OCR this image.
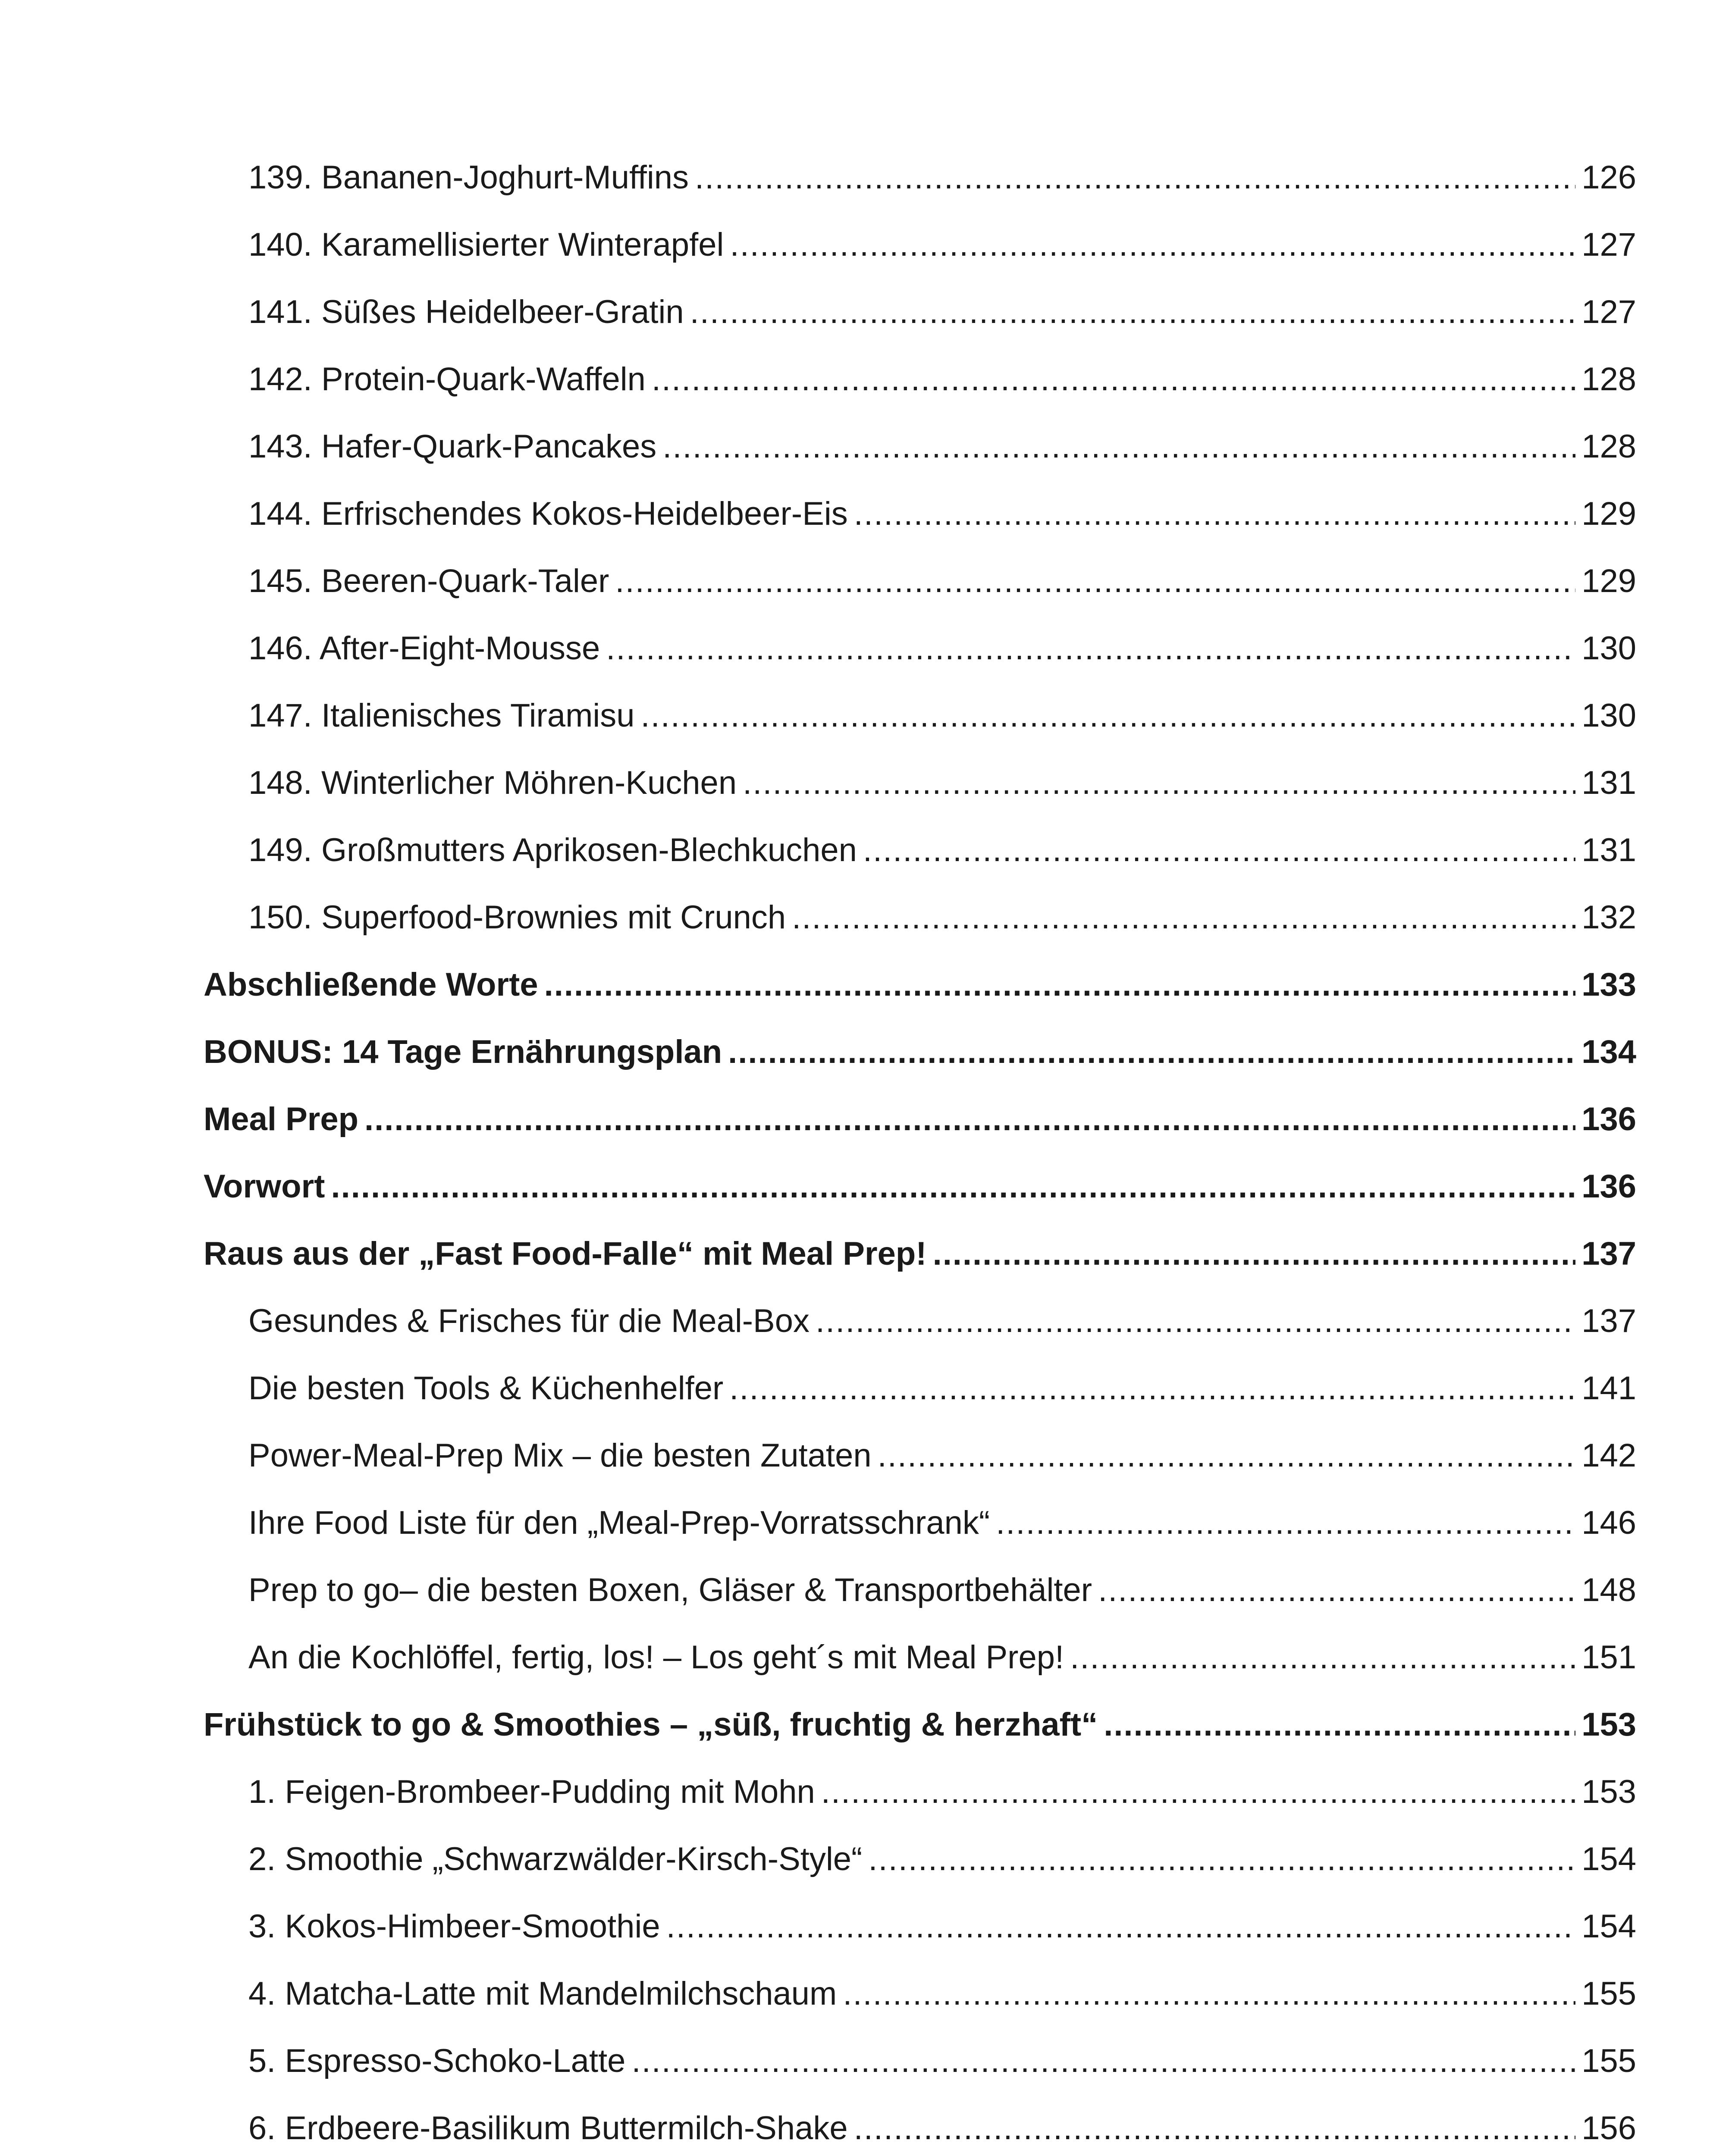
139. Bananen-Joghurt-Muffins .....	126
140. Karamellisierter Winterapfel .....	127
141. Süßes Heidelbeer-Gratin .....	127
142. Protein-Quark-Waffeln .....	128
143. Hafer-Quark-Pancakes .....	128
144. Erfrischendes Kokos-Heidelbeer-Eis .....	129
145. Beeren-Quark-Taler .....	129
146. After-Eight-Mousse .....	130
147. Italienisches Tiramisu .....	130
148. Winterlicher Möhren-Kuchen .....	131
149. Großmutters Aprikosen-Blechkuchen .....	131
150. Superfood-Brownies mit Crunch .....	132
Abschließende Worte .....	133
BONUS: 14 Tage Ernährungsplan .....	134
Meal Prep .....	136
Vorwort .....	136
Raus aus der „Fast Food-Falle“ mit Meal Prep! .....	137
Gesundes & Frisches für die Meal-Box .....	137
Die besten Tools & Küchenhelfer .....	141
Power-Meal-Prep Mix – die besten Zutaten .....	142
Ihre Food Liste für den „Meal-Prep-Vorratsschrank“ .....	146
Prep to go– die besten Boxen, Gläser & Transportbehälter .....	148
An die Kochlöffel, fertig, los! – Los geht´s mit Meal Prep! .....	151
Frühstück to go & Smoothies – „süß, fruchtig & herzhaft“ .....	153
1. Feigen-Brombeer-Pudding mit Mohn .....	153
2. Smoothie „Schwarzwälder-Kirsch-Style“ .....	154
3. Kokos-Himbeer-Smoothie .....	154
4. Matcha-Latte mit Mandelmilchschaum .....	155
5. Espresso-Schoko-Latte .....	155
6. Erdbeere-Basilikum Buttermilch-Shake .....	156
